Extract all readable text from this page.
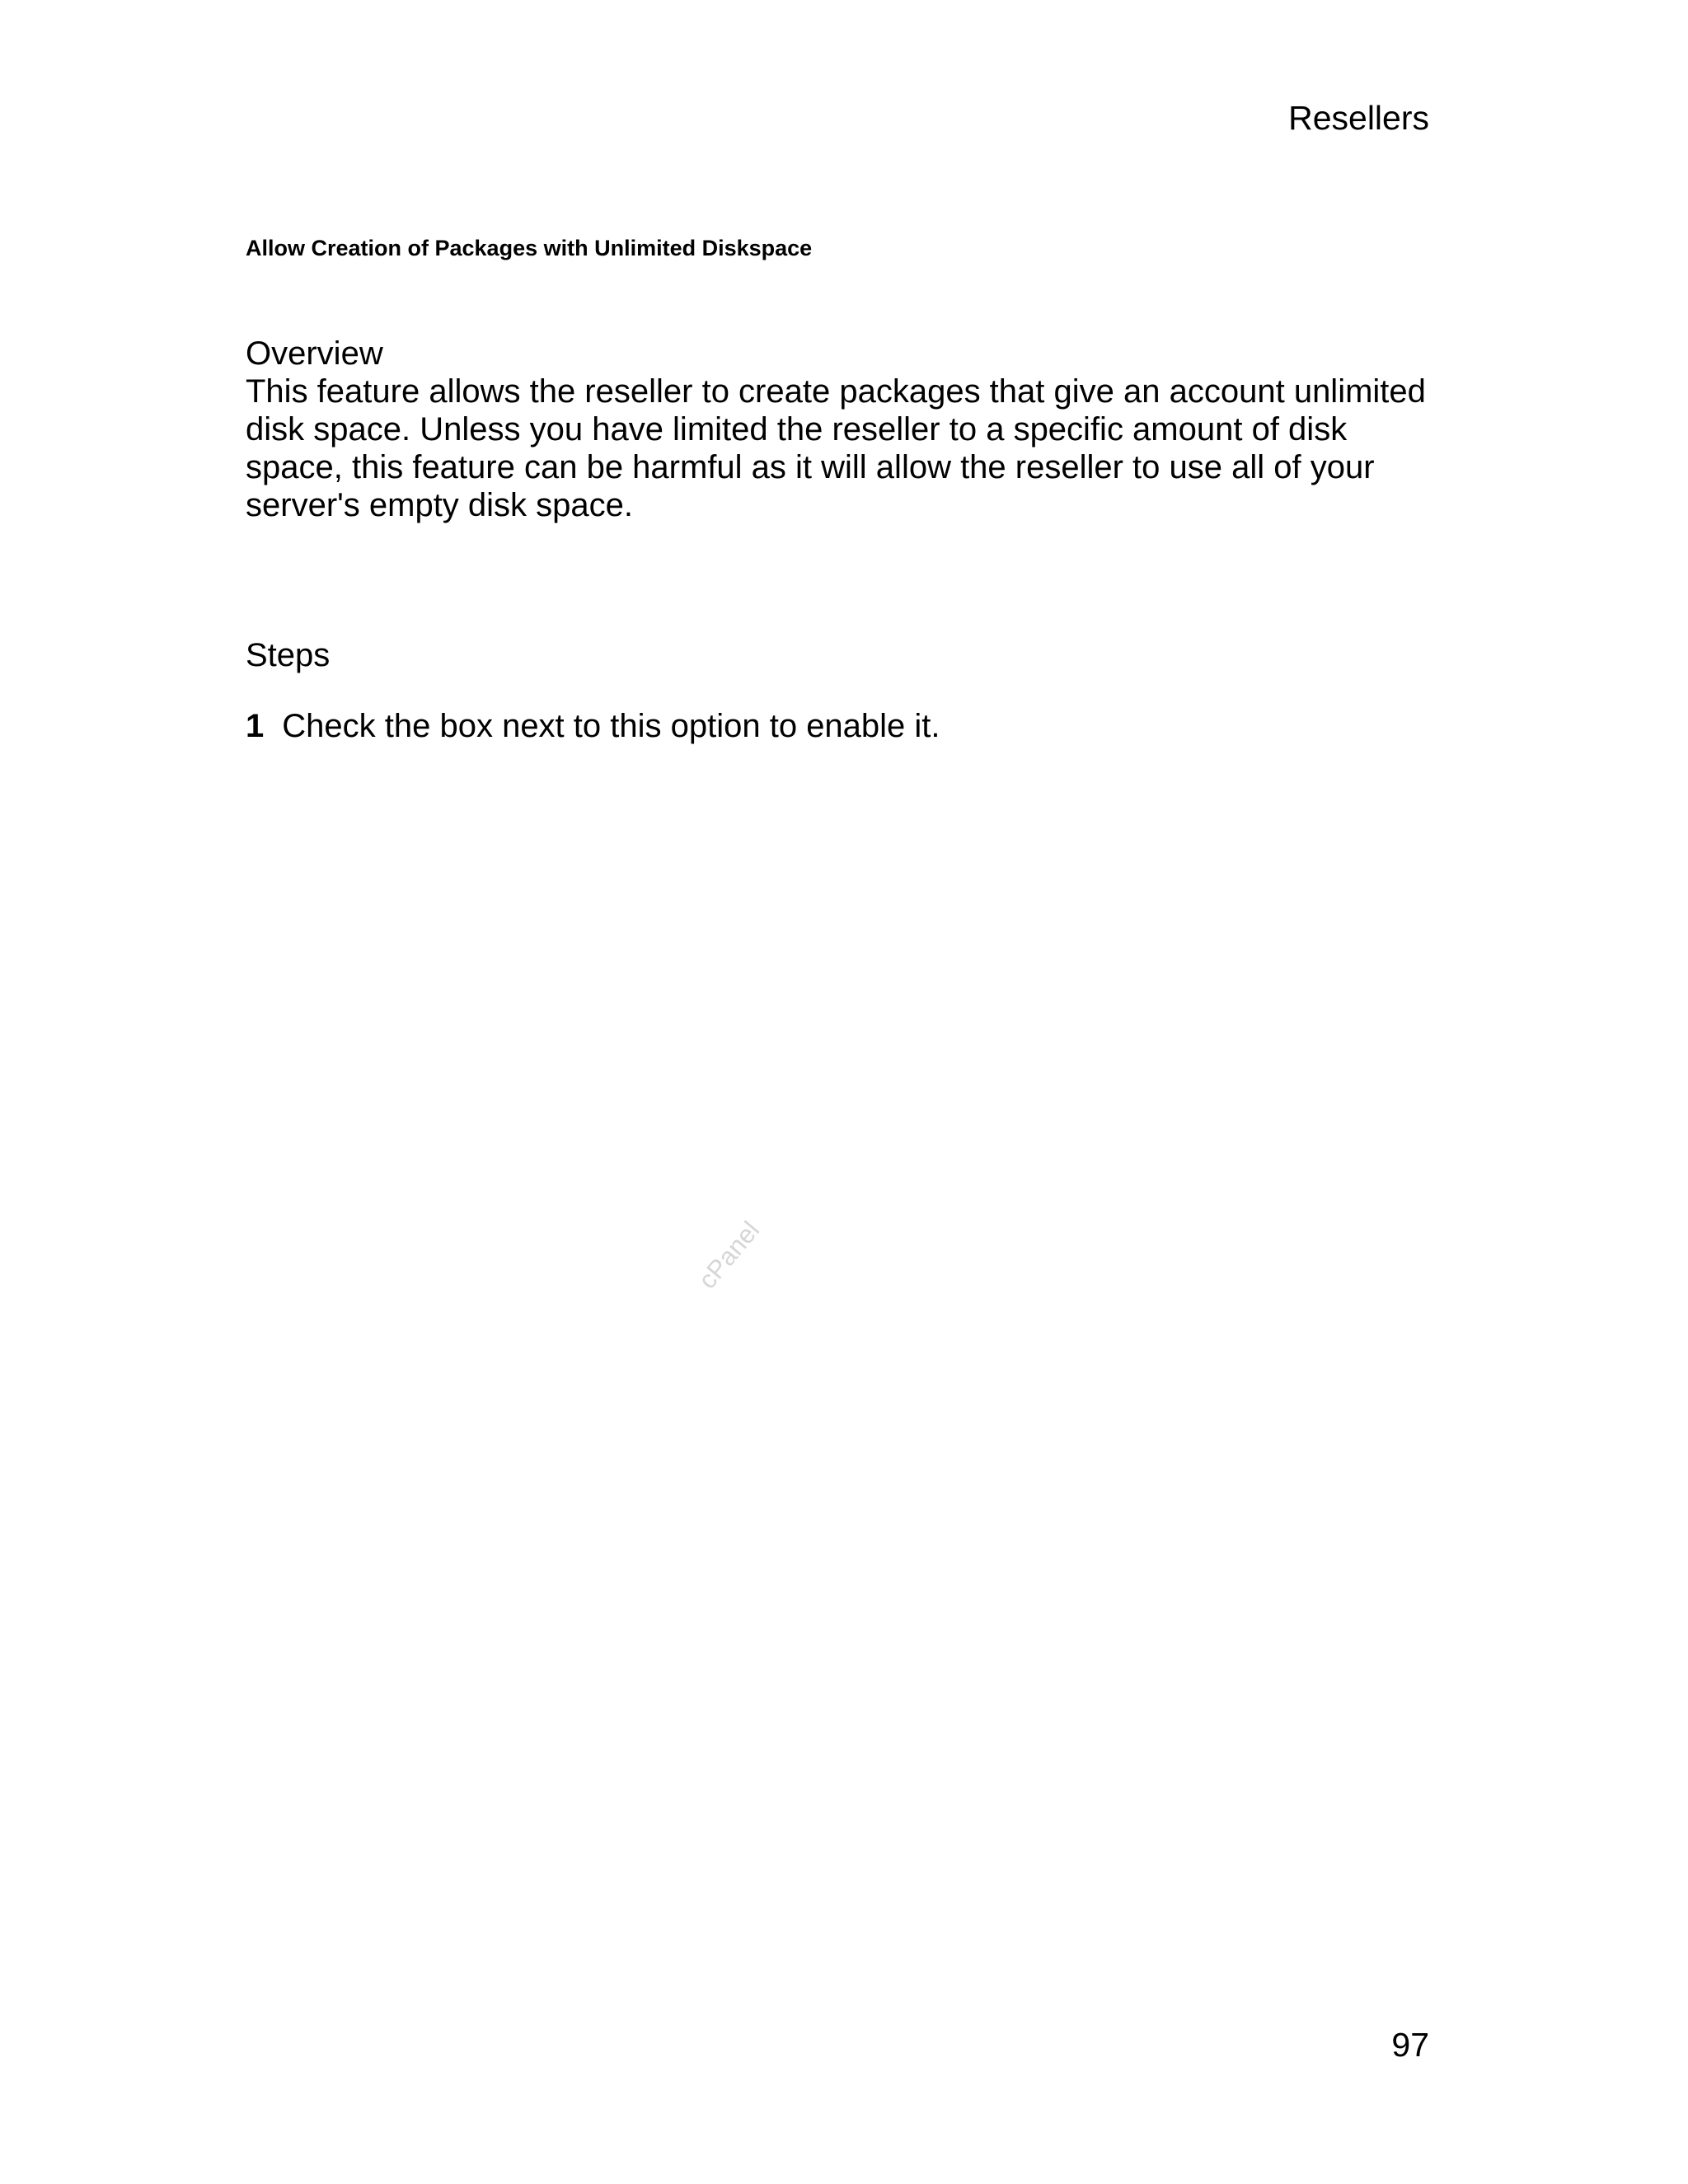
Resellers
Allow Creation of Packages with Unlimited Diskspace
Overview
This feature allows the reseller to create packages that give an account unlimited
disk space. Unless you have limited the reseller to a specific amount of disk
space, this feature can be harmful as it will allow the reseller to use all of your
server's empty disk space.
Steps
1 Check the box next to this option to enable it.
cPanel
97
